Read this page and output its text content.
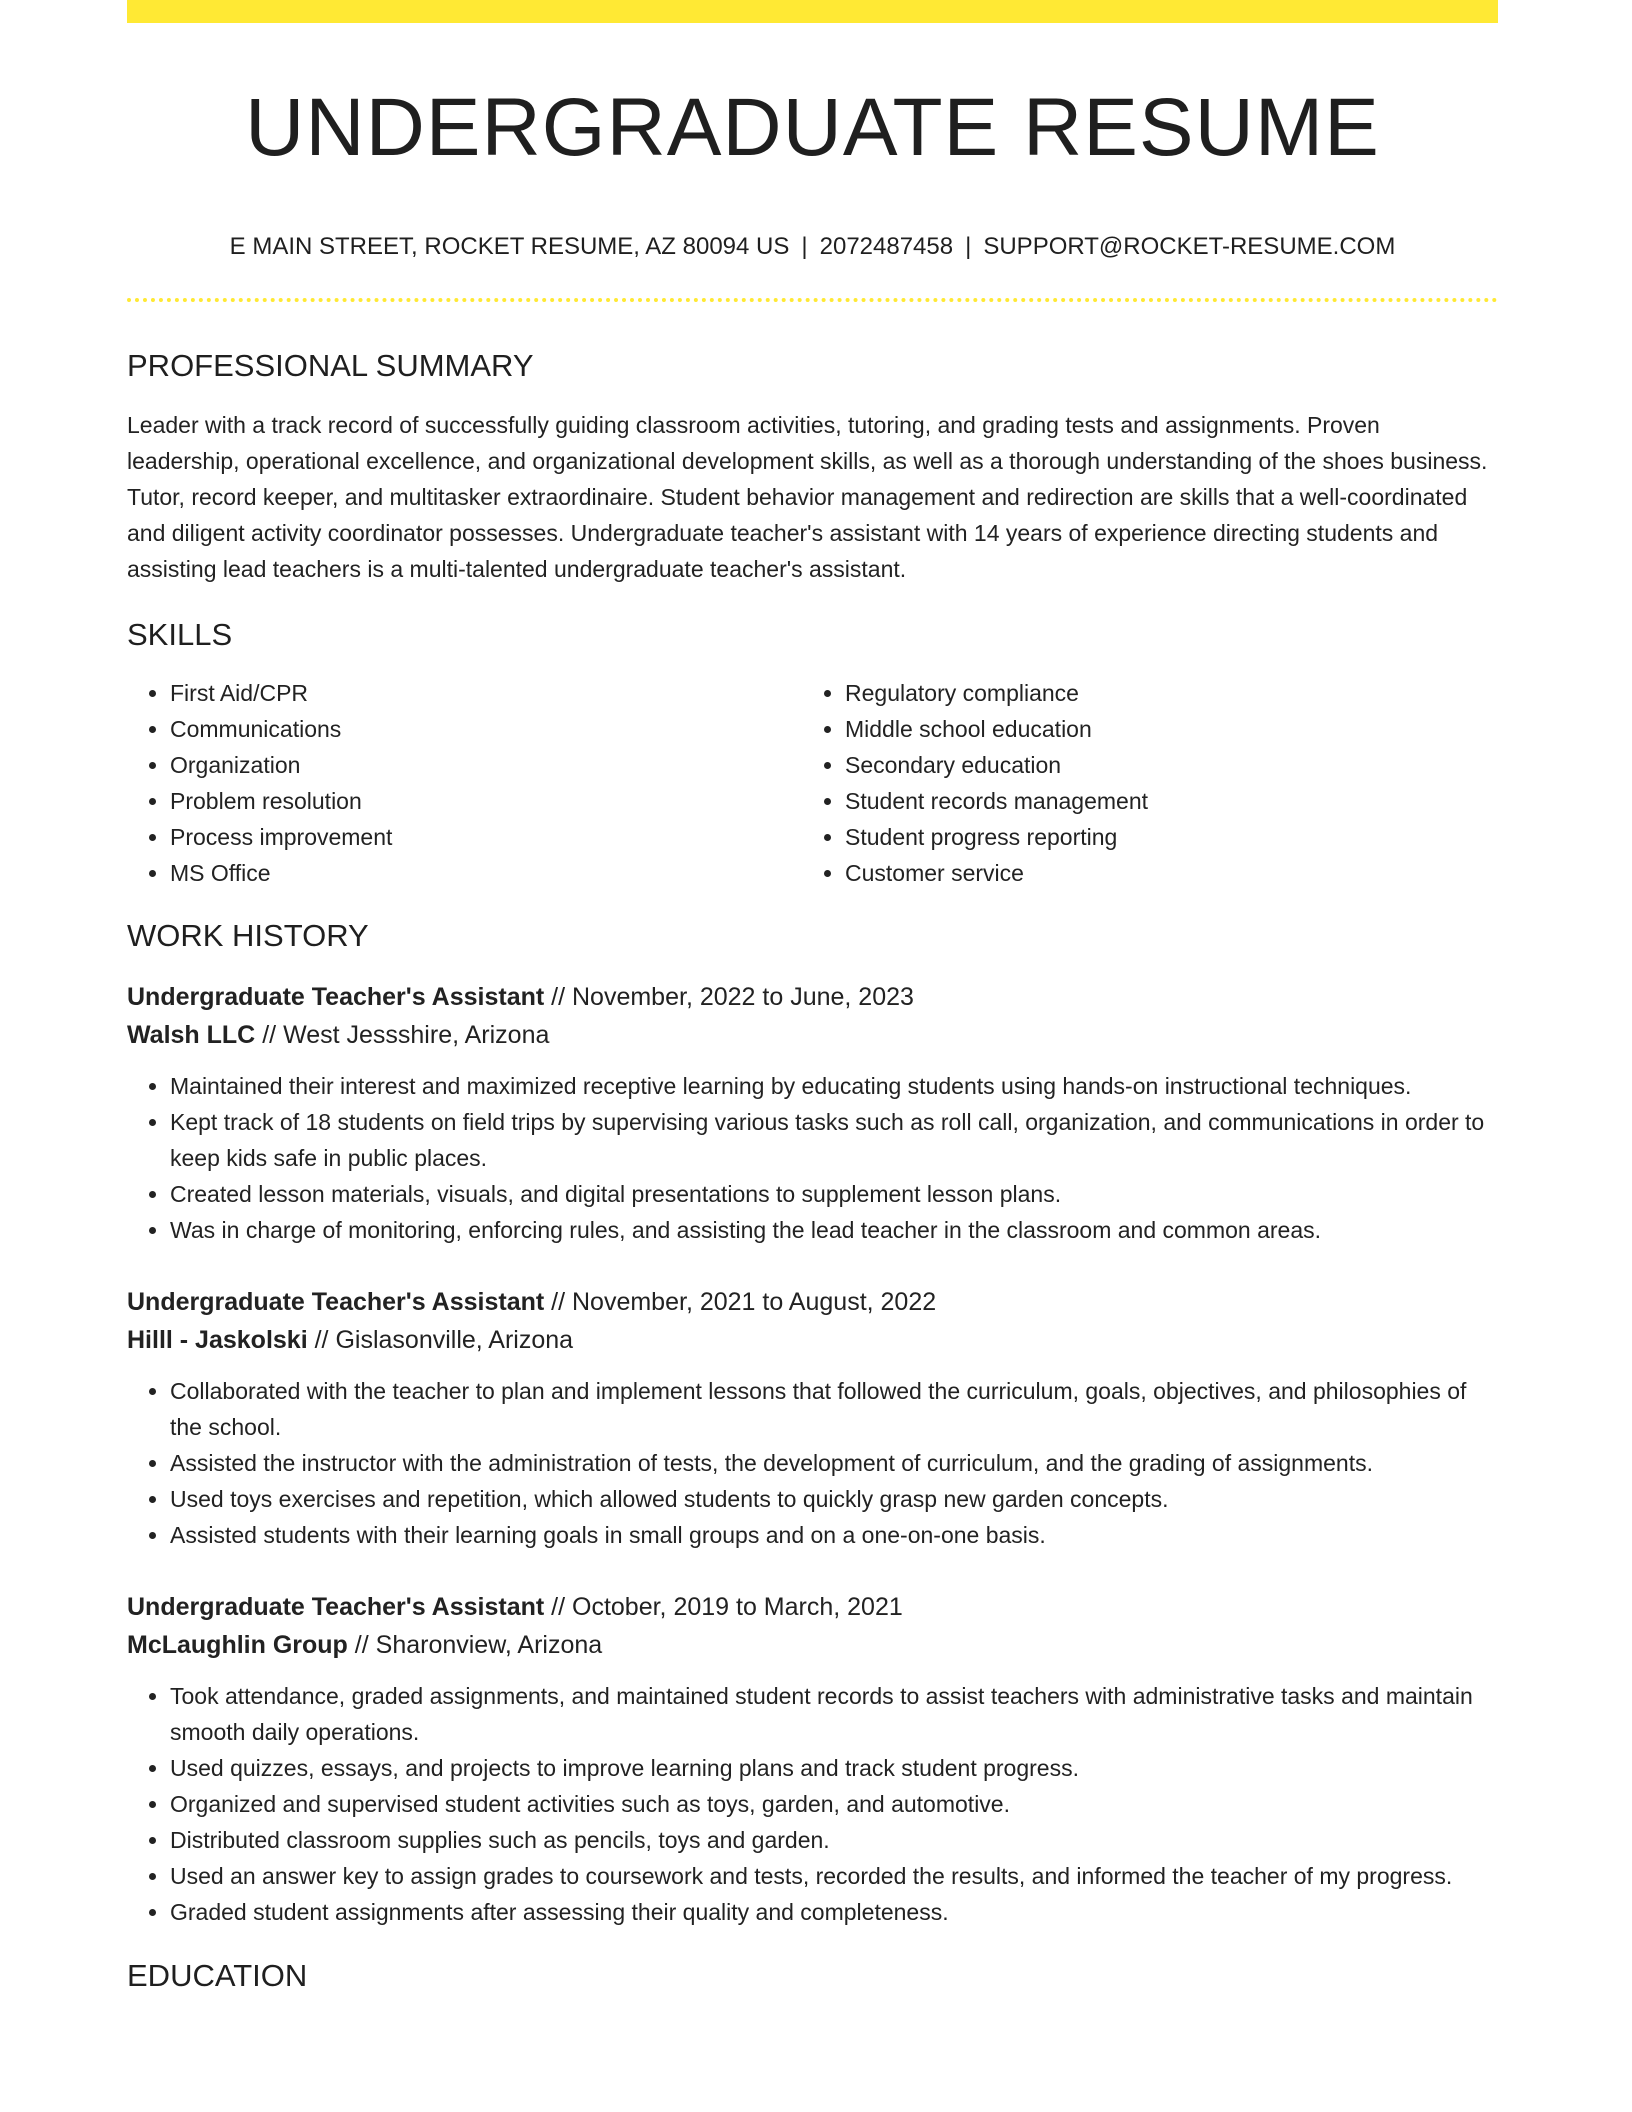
UNDERGRADUATE RESUME
E MAIN STREET, ROCKET RESUME, AZ 80094 US | 2072487458 | SUPPORT@ROCKET-RESUME.COM
PROFESSIONAL SUMMARY
Leader with a track record of successfully guiding classroom activities, tutoring, and grading tests and assignments. Proven leadership, operational excellence, and organizational development skills, as well as a thorough understanding of the shoes business. Tutor, record keeper, and multitasker extraordinaire. Student behavior management and redirection are skills that a well-coordinated and diligent activity coordinator possesses. Undergraduate teacher's assistant with 14 years of experience directing students and assisting lead teachers is a multi-talented undergraduate teacher's assistant.
SKILLS
• First Aid/CPR
• Communications
• Organization
• Problem resolution
• Process improvement
• MS Office
• Regulatory compliance
• Middle school education
• Secondary education
• Student records management
• Student progress reporting
• Customer service
WORK HISTORY
Undergraduate Teacher's Assistant // November, 2022 to June, 2023
Walsh LLC // West Jessshire, Arizona
• Maintained their interest and maximized receptive learning by educating students using hands-on instructional techniques.
• Kept track of 18 students on field trips by supervising various tasks such as roll call, organization, and communications in order to keep kids safe in public places.
• Created lesson materials, visuals, and digital presentations to supplement lesson plans.
• Was in charge of monitoring, enforcing rules, and assisting the lead teacher in the classroom and common areas.
Undergraduate Teacher's Assistant // November, 2021 to August, 2022
Hilll - Jaskolski // Gislasonville, Arizona
• Collaborated with the teacher to plan and implement lessons that followed the curriculum, goals, objectives, and philosophies of the school.
• Assisted the instructor with the administration of tests, the development of curriculum, and the grading of assignments.
• Used toys exercises and repetition, which allowed students to quickly grasp new garden concepts.
• Assisted students with their learning goals in small groups and on a one-on-one basis.
Undergraduate Teacher's Assistant // October, 2019 to March, 2021
McLaughlin Group // Sharonview, Arizona
• Took attendance, graded assignments, and maintained student records to assist teachers with administrative tasks and maintain smooth daily operations.
• Used quizzes, essays, and projects to improve learning plans and track student progress.
• Organized and supervised student activities such as toys, garden, and automotive.
• Distributed classroom supplies such as pencils, toys and garden.
• Used an answer key to assign grades to coursework and tests, recorded the results, and informed the teacher of my progress.
• Graded student assignments after assessing their quality and completeness.
EDUCATION
